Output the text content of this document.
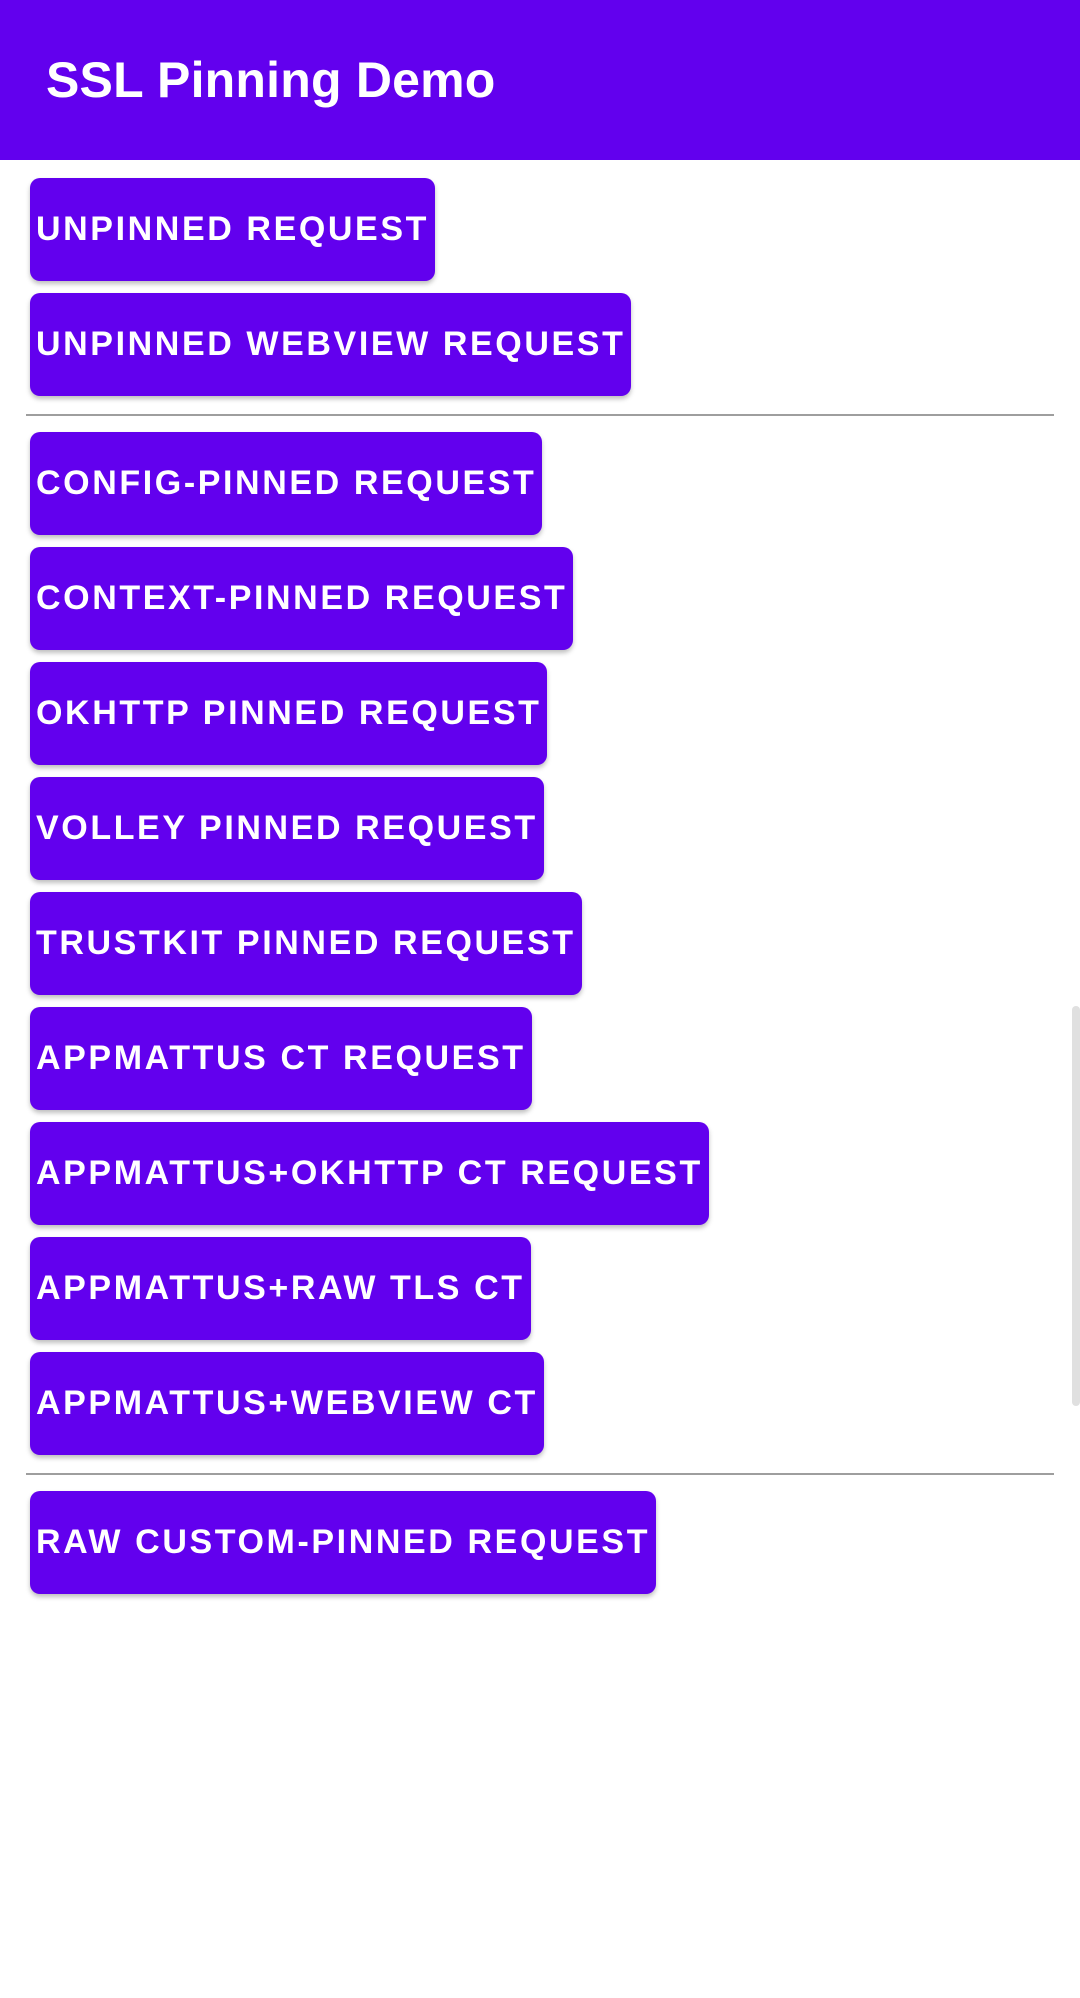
SSL Pinning Demo
UNPINNED REQUEST
UNPINNED WEBVIEW REQUEST
CONFIG-PINNED REQUEST
CONTEXT-PINNED REQUEST
OKHTTP PINNED REQUEST
VOLLEY PINNED REQUEST
TRUSTKIT PINNED REQUEST
APPMATTUS CT REQUEST
APPMATTUS+OKHTTP CT REQUEST
APPMATTUS+RAW TLS CT
APPMATTUS+WEBVIEW CT
RAW CUSTOM-PINNED REQUEST
